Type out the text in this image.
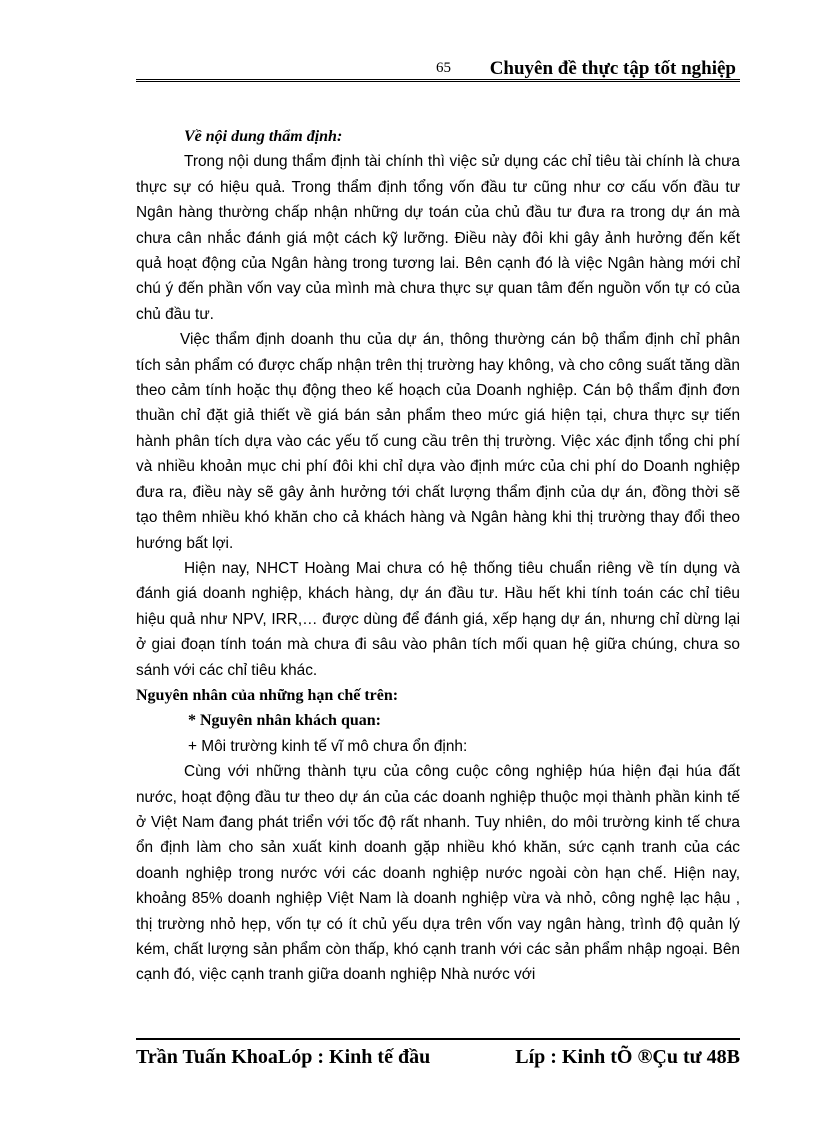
65 Chuyên đề thực tập tốt nghiệp

Về nội dung thẩm định:

Trong nội dung thẩm định tài chính thì việc sử dụng các chỉ tiêu tài chính là chưa thực sự có hiệu quả. Trong thẩm định tổng vốn đầu tư cũng như cơ cấu vốn đầu tư Ngân hàng thường chấp nhận những dự toán của chủ đầu tư đưa ra trong dự án mà chưa cân nhắc đánh giá một cách kỹ lưỡng. Điều này đôi khi gây ảnh hưởng đến kết quả hoạt động của Ngân hàng trong tương lai. Bên cạnh đó là việc Ngân hàng mới chỉ chú ý đến phần vốn vay của mình mà chưa thực sự quan tâm đến nguồn vốn tự có của chủ đầu tư.

Việc thẩm định doanh thu của dự án, thông thường cán bộ thẩm định chỉ phân tích sản phẩm có được chấp nhận trên thị trường hay không, và cho công suất tăng dần theo cảm tính hoặc thụ động theo kế hoạch của Doanh nghiệp. Cán bộ thẩm định đơn thuần chỉ đặt giả thiết về giá bán sản phẩm theo mức giá hiện tại, chưa thực sự tiến hành phân tích dựa vào các yếu tố cung cầu trên thị trường. Việc xác định tổng chi phí và nhiều khoản mục chi phí đôi khi chỉ dựa vào định mức của chi phí do Doanh nghiệp đưa ra, điều này sẽ gây ảnh hưởng tới chất lượng thẩm định của dự án, đồng thời sẽ tạo thêm nhiều khó khăn cho cả khách hàng và Ngân hàng khi thị trường thay đổi theo hướng bất lợi.

Hiện nay, NHCT Hoàng Mai chưa có hệ thống tiêu chuẩn riêng về tín dụng và đánh giá doanh nghiệp, khách hàng, dự án đầu tư. Hầu hết khi tính toán các chỉ tiêu hiệu quả như NPV, IRR,… được dùng để đánh giá, xếp hạng dự án, nhưng chỉ dừng lại ở giai đoạn tính toán mà chưa đi sâu vào phân tích mối quan hệ giữa chúng, chưa so sánh với các chỉ tiêu khác.

Nguyên nhân của những hạn chế trên:

* Nguyên nhân khách quan:

+ Môi trường kinh tế vĩ mô chưa ổn định:

Cùng với những thành tựu của công cuộc công nghiệp húa hiện đại húa đất nước, hoạt động đầu tư theo dự án của các doanh nghiệp thuộc mọi thành phần kinh tế ở Việt Nam đang phát triển với tốc độ rất nhanh. Tuy nhiên, do môi trường kinh tế chưa ổn định làm cho sản xuất kinh doanh gặp nhiều khó khăn, sức cạnh tranh của các doanh nghiệp trong nước với các doanh nghiệp nước ngoài còn hạn chế. Hiện nay, khoảng 85% doanh nghiệp Việt Nam là doanh nghiệp vừa và nhỏ, công nghệ lạc hậu , thị trường nhỏ hẹp, vốn tự có ít chủ yếu dựa trên vốn vay ngân hàng, trình độ quản lý kém, chất lượng sản phẩm còn thấp, khó cạnh tranh với các sản phẩm nhập ngoại. Bên cạnh đó, việc cạnh tranh giữa doanh nghiệp Nhà nước với

Trần Tuấn KhoaLóp : Kinh tế đầu	Líp : Kinh tÕ ®Çu tư 48B
